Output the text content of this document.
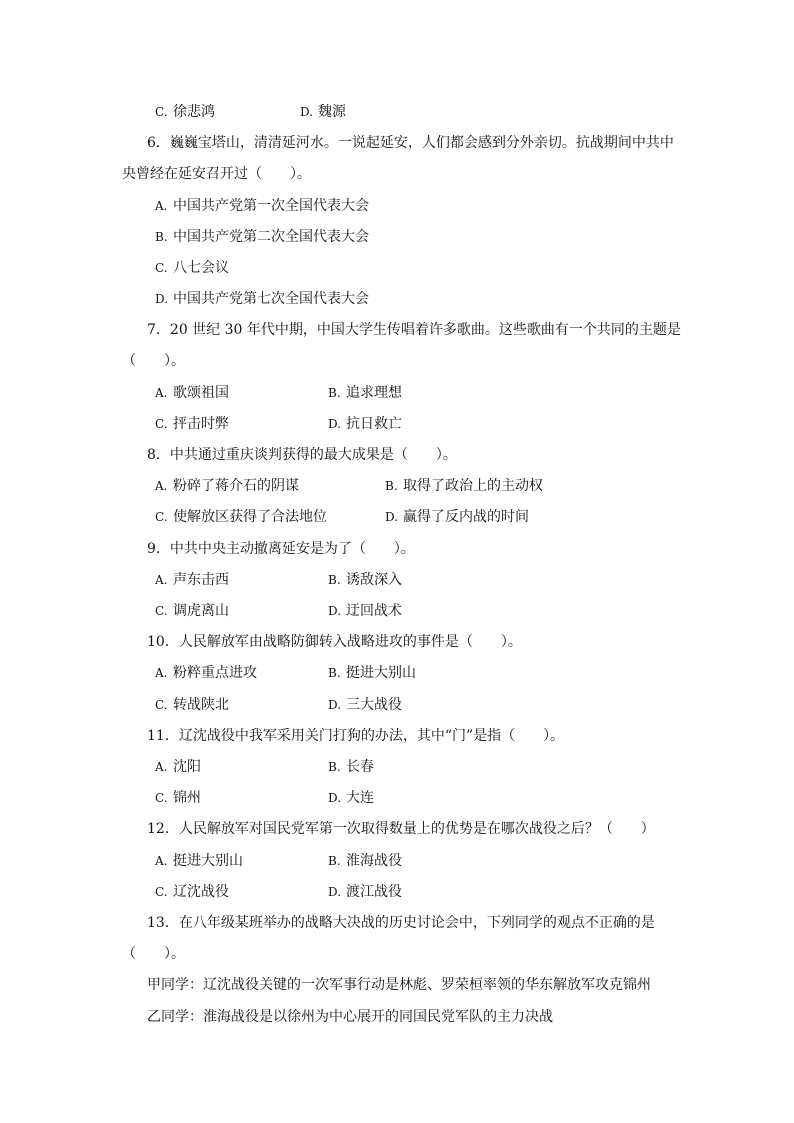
C. 徐悲鸿	D. 魏源
6．巍巍宝塔山，清清延河水。一说起延安，人们都会感到分外亲切。抗战期间中共中
央曾经在延安召开过（　　）。
A. 中国共产党第一次全国代表大会
B. 中国共产党第二次全国代表大会
C. 八七会议
D. 中国共产党第七次全国代表大会
7．20 世纪 30 年代中期，中国大学生传唱着许多歌曲。这些歌曲有一个共同的主题是
（　　）。
A. 歌颂祖国	B. 追求理想
C. 抨击时弊	D. 抗日救亡
8．中共通过重庆谈判获得的最大成果是（　　）。
A. 粉碎了蒋介石的阴谋	B. 取得了政治上的主动权
C. 使解放区获得了合法地位	D. 赢得了反内战的时间
9．中共中央主动撤离延安是为了（　　）。
A. 声东击西	B. 诱敌深入
C. 调虎离山	D. 迂回战术
10．人民解放军由战略防御转入战略进攻的事件是（　　）。
A. 粉粹重点进攻	B. 挺进大别山
C. 转战陕北	D. 三大战役
11．辽沈战役中我军采用关门打狗的办法，其中“门”是指（　　）。
A. 沈阳	B. 长春
C. 锦州	D. 大连
12．人民解放军对国民党军第一次取得数量上的优势是在哪次战役之后？（　　）
A. 挺进大别山	B. 淮海战役
C. 辽沈战役	D. 渡江战役
13．在八年级某班举办的战略大决战的历史讨论会中，下列同学的观点不正确的是
（　　）。
甲同学：辽沈战役关键的一次军事行动是林彪、罗荣桓率领的华东解放军攻克锦州
乙同学：淮海战役是以徐州为中心展开的同国民党军队的主力决战
